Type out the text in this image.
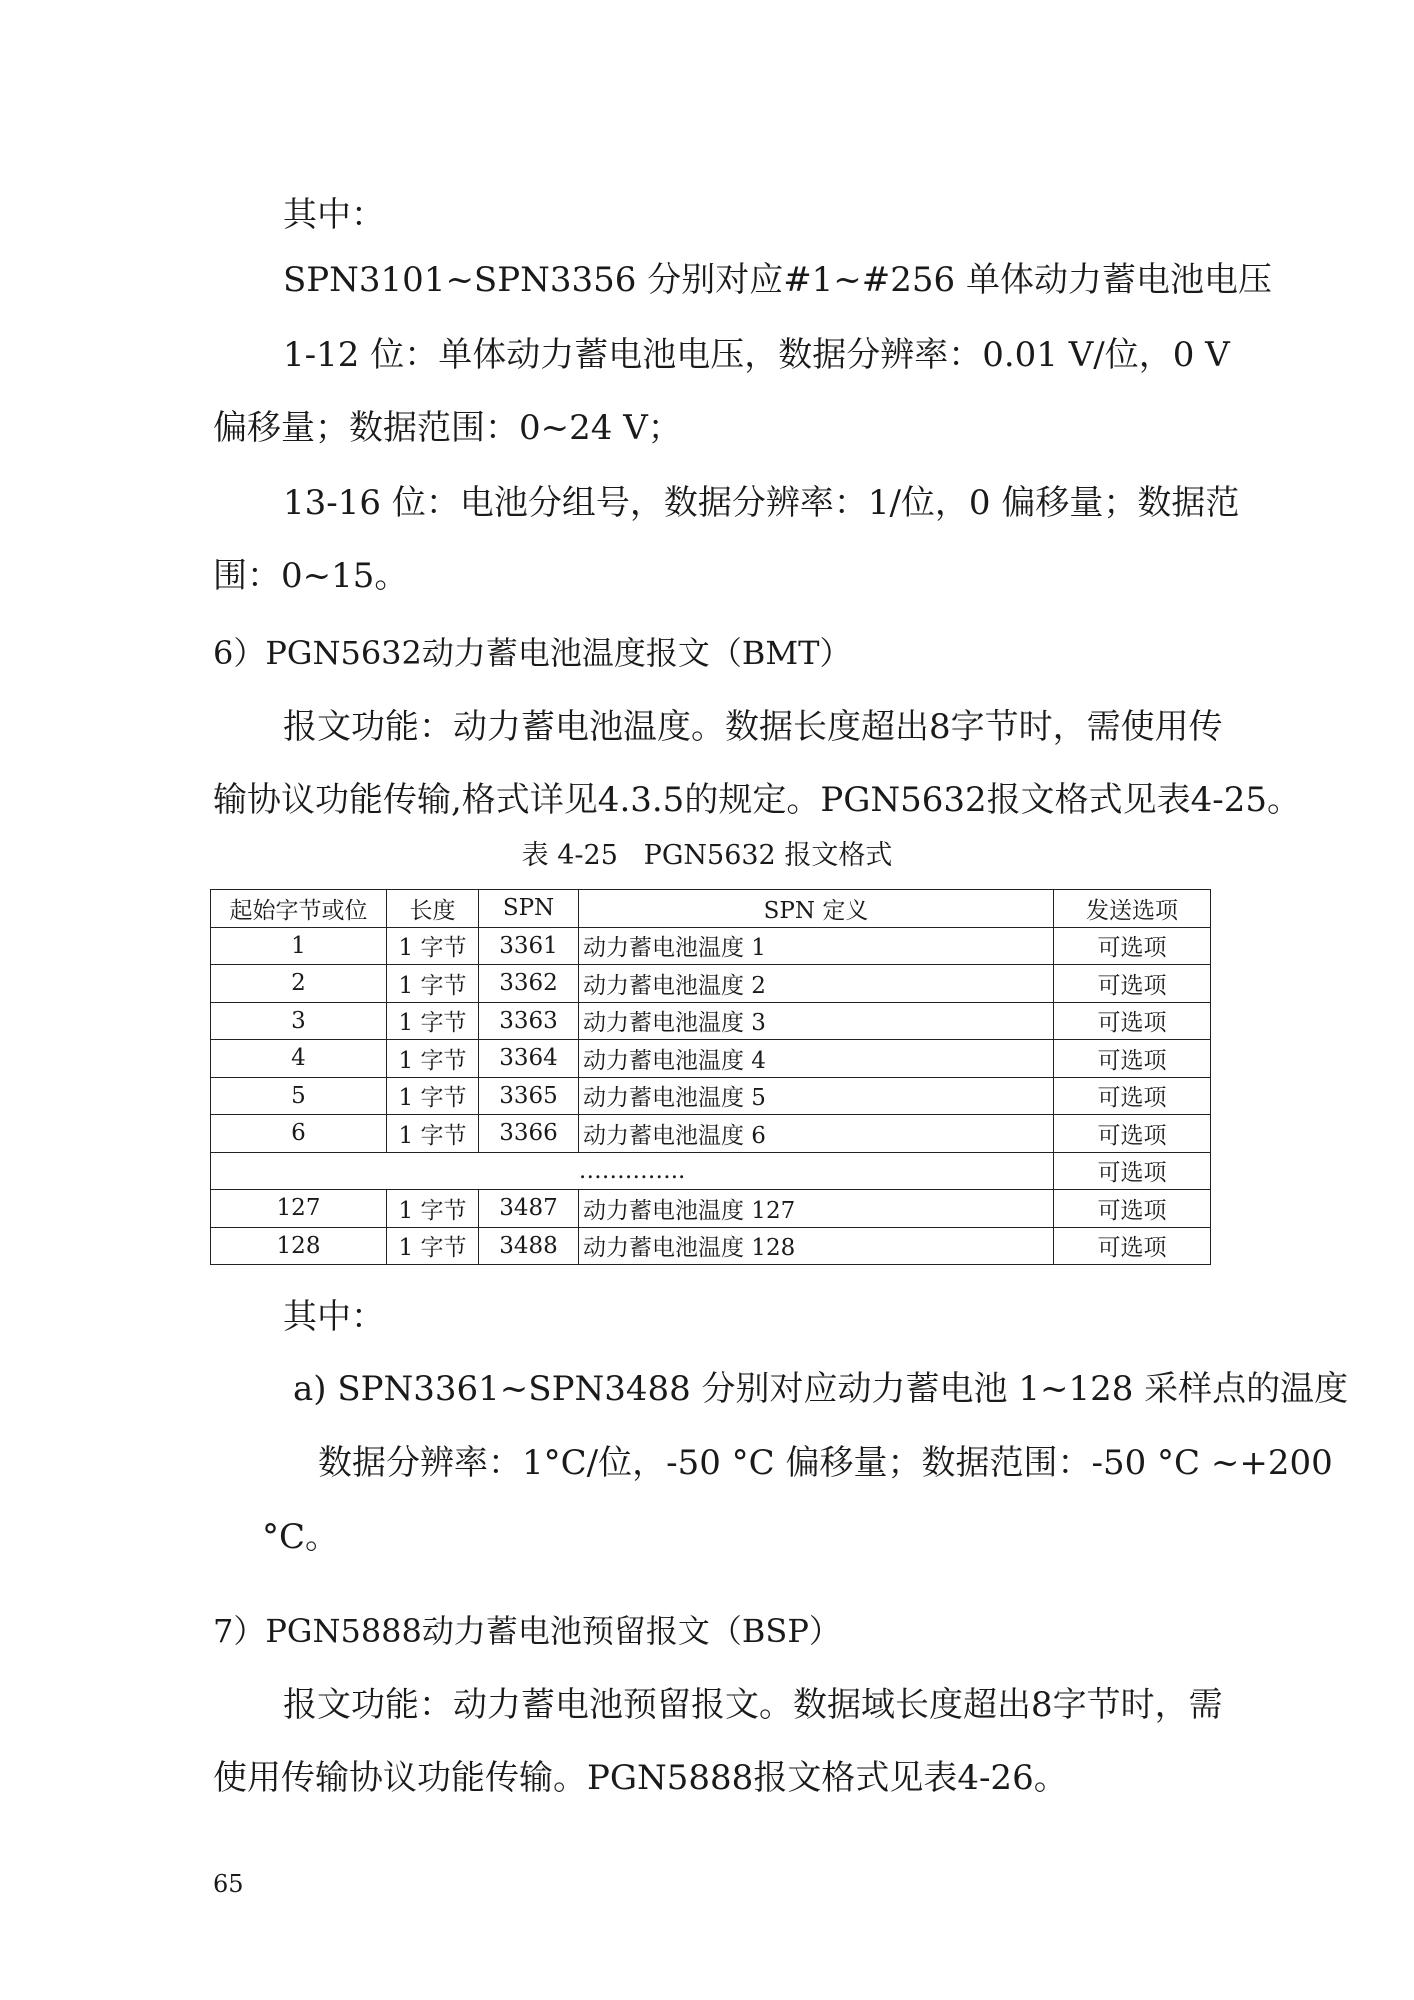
其中：
SPN3101~SPN3356 分别对应#1~#256 单体动力蓄电池电压
1-12 位：单体动力蓄电池电压，数据分辨率：0.01 V/位，0 V
偏移量；数据范围：0~24 V；
13-16 位：电池分组号，数据分辨率：1/位，0 偏移量；数据范
围：0~15。
6）PGN5632动力蓄电池温度报文（BMT）
报文功能：动力蓄电池温度。数据长度超出8字节时，需使用传
输协议功能传输,格式详见4.3.5的规定。PGN5632报文格式见表4-25。
表 4-25   PGN5632 报文格式
起始字节或位	长度	SPN	SPN 定义	发送选项
1	1 字节	3361	动力蓄电池温度 1	可选项
2	1 字节	3362	动力蓄电池温度 2	可选项
3	1 字节	3363	动力蓄电池温度 3	可选项
4	1 字节	3364	动力蓄电池温度 4	可选项
5	1 字节	3365	动力蓄电池温度 5	可选项
6	1 字节	3366	动力蓄电池温度 6	可选项
…………..				可选项
127	1 字节	3487	动力蓄电池温度 127	可选项
128	1 字节	3488	动力蓄电池温度 128	可选项
其中：
a) SPN3361~SPN3488 分别对应动力蓄电池 1~128 采样点的温度
数据分辨率：1°C/位，-50 °C 偏移量；数据范围：-50 °C ~+200
°C。
7）PGN5888动力蓄电池预留报文（BSP）
报文功能：动力蓄电池预留报文。数据域长度超出8字节时，需
使用传输协议功能传输。PGN5888报文格式见表4-26。
65
